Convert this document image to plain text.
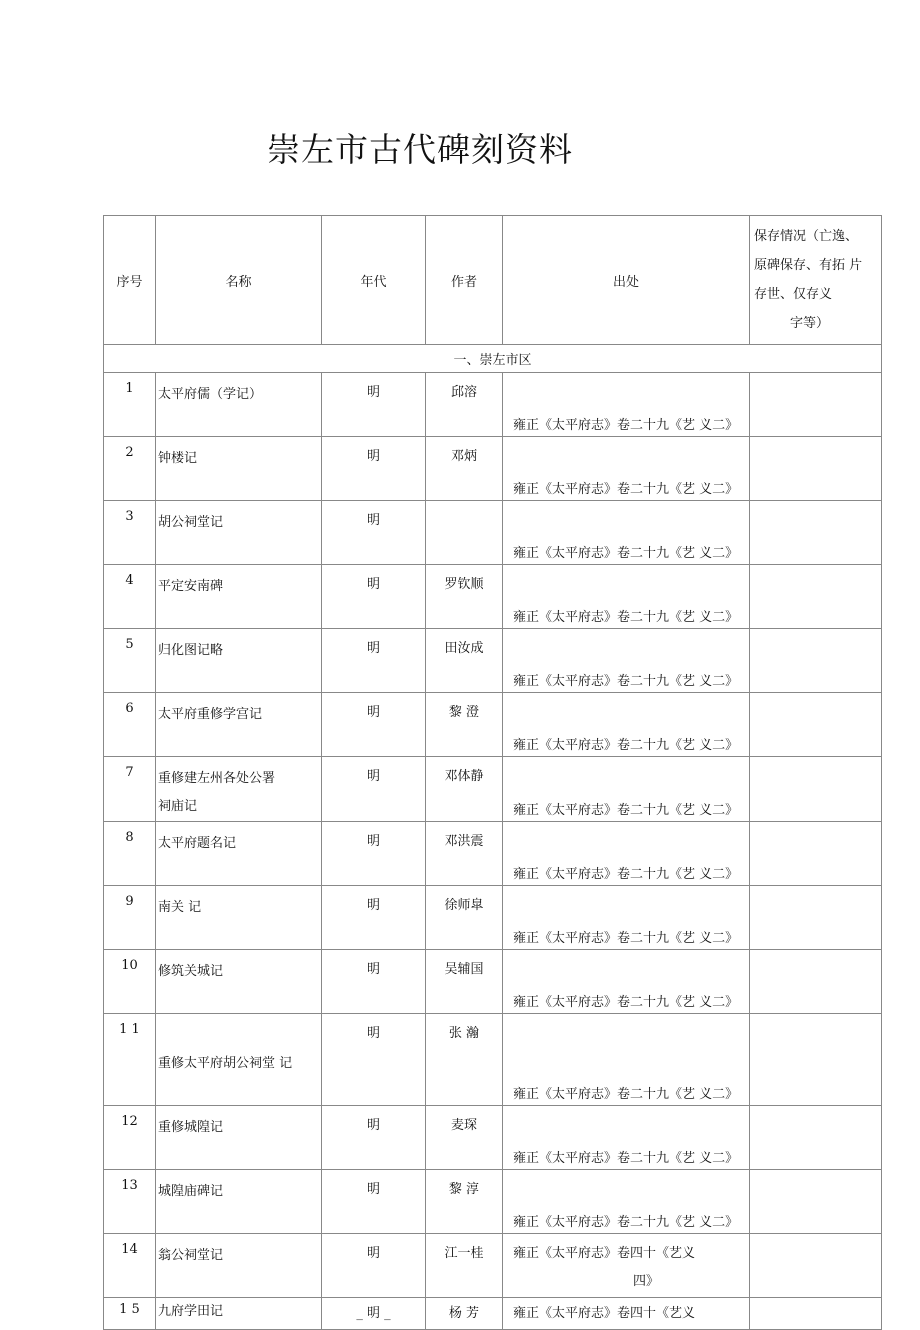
崇左市古代碑刻资料
序号	名称	年代	作者	出处	保存情况（亡逸、
原碑保存、有拓 片
存世、仅存义
字等）

一、崇左市区					
1	太平府儒（学记）	明	邱溶	雍正《太平府志》卷二十九《艺 义二》	

2	钟楼记	明	邓炳	雍正《太平府志》卷二十九《艺 义二》	

3	胡公祠堂记	明		雍正《太平府志》卷二十九《艺 义二》	

4	平定安南碑	明	罗钦顺	雍正《太平府志》卷二十九《艺 义二》	

5	归化图记略	明	田汝成	雍正《太平府志》卷二十九《艺 义二》	

6	太平府重修学宫记	明	黎 澄	雍正《太平府志》卷二十九《艺 义二》	

7	重修建左州各处公署
祠庙记	明	邓体静	雍正《太平府志》卷二十九《艺 义二》	

8	太平府题名记	明	邓洪震	雍正《太平府志》卷二十九《艺 义二》	

9	南关 记	明	徐师皐	雍正《太平府志》卷二十九《艺 义二》	

10	修筑关城记	明	吴辅国	雍正《太平府志》卷二十九《艺 义二》	

1 1	重修太平府胡公祠堂 记	明	张 瀚	雍正《太平府志》卷二十九《艺 义二》	

12	重修城隍记	明	麦琛	雍正《太平府志》卷二十九《艺 义二》	

13	城隍庙碑记	明	黎 淳	雍正《太平府志》卷二十九《艺 义二》	

14	翁公祠堂记	明	江一桂	雍正《太平府志》卷四十《艺义
四》	

1 5	九府学田记	_ 明 _	杨 芳	雍正《太平府志》卷四十《艺义	
